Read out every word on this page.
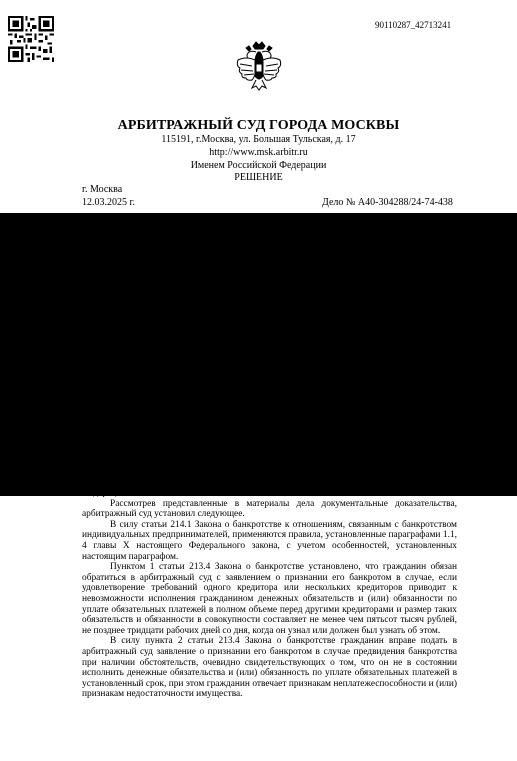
90110287_42713241
АРБИТРАЖНЫЙ СУД ГОРОДА МОСКВЫ
115191, г.Москва, ул. Большая Тульская, д. 17
http://www.msk.arbitr.ru
Именем Российской Федерации
РЕШЕНИЕ
г. Москва
12.03.2025 г.	Дело № А40-304288/24-74-438

Федерации.

Рассмотрев представленные в материалы дела документальные доказательства, арбитражный суд установил следующее.

В силу статьи 214.1 Закона о банкротстве к отношениям, связанным с банкротством индивидуальных предпринимателей, применяются правила, установленные параграфами 1.1, 4 главы X настоящего Федерального закона, с учетом особенностей, установленных настоящим параграфом.

Пунктом 1 статьи 213.4 Закона о банкротстве установлено, что гражданин обязан обратиться в арбитражный суд с заявлением о признании его банкротом в случае, если удовлетворение требований одного кредитора или нескольких кредиторов приводит к невозможности исполнения гражданином денежных обязательств и (или) обязанности по уплате обязательных платежей в полном объеме перед другими кредиторами и размер таких обязательств и обязанности в совокупности составляет не менее чем пятьсот тысяч рублей, не позднее тридцати рабочих дней со дня, когда он узнал или должен был узнать об этом.

В силу пункта 2 статьи 213.4 Закона о банкротстве гражданин вправе подать в арбитражный суд заявление о признании его банкротом в случае предвидения банкротства при наличии обстоятельств, очевидно свидетельствующих о том, что он не в состоянии исполнить денежные обязательства и (или) обязанность по уплате обязательных платежей в установленный срок, при этом гражданин отвечает признакам неплатежеспособности и (или) признакам недостаточности имущества.
